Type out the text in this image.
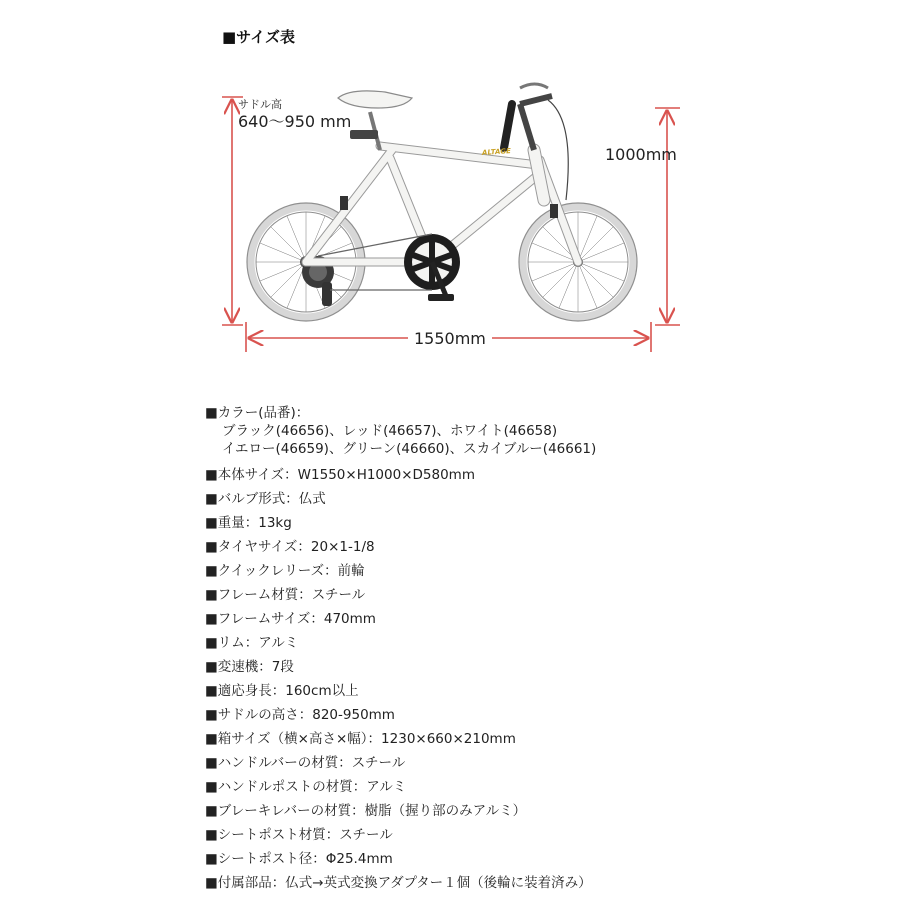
■サイズ表
ALTAGE
サドル高
640〜950 mm
1000mm
1550mm
■カラー(品番)：
ブラック(46656)、レッド(46657)、ホワイト(46658)
イエロー(46659)、グリーン(46660)、スカイブルー(46661)
■本体サイズ：W1550×H1000×D580mm
■バルブ形式：仏式
■重量：13kg
■タイヤサイズ：20×1-1/8
■クイックレリーズ：前輪
■フレーム材質：スチール
■フレームサイズ：470mm
■リム：アルミ
■変速機：7段
■適応身長：160cm以上
■サドルの高さ：820-950mm
■箱サイズ（横×高さ×幅）：1230×660×210mm
■ハンドルバーの材質：スチール
■ハンドルポストの材質：アルミ
■ブレーキレバーの材質：樹脂（握り部のみアルミ）
■シートポスト材質：スチール
■シートポスト径：Φ25.4mm
■付属部品：仏式→英式変換アダプター１個（後輪に装着済み）
